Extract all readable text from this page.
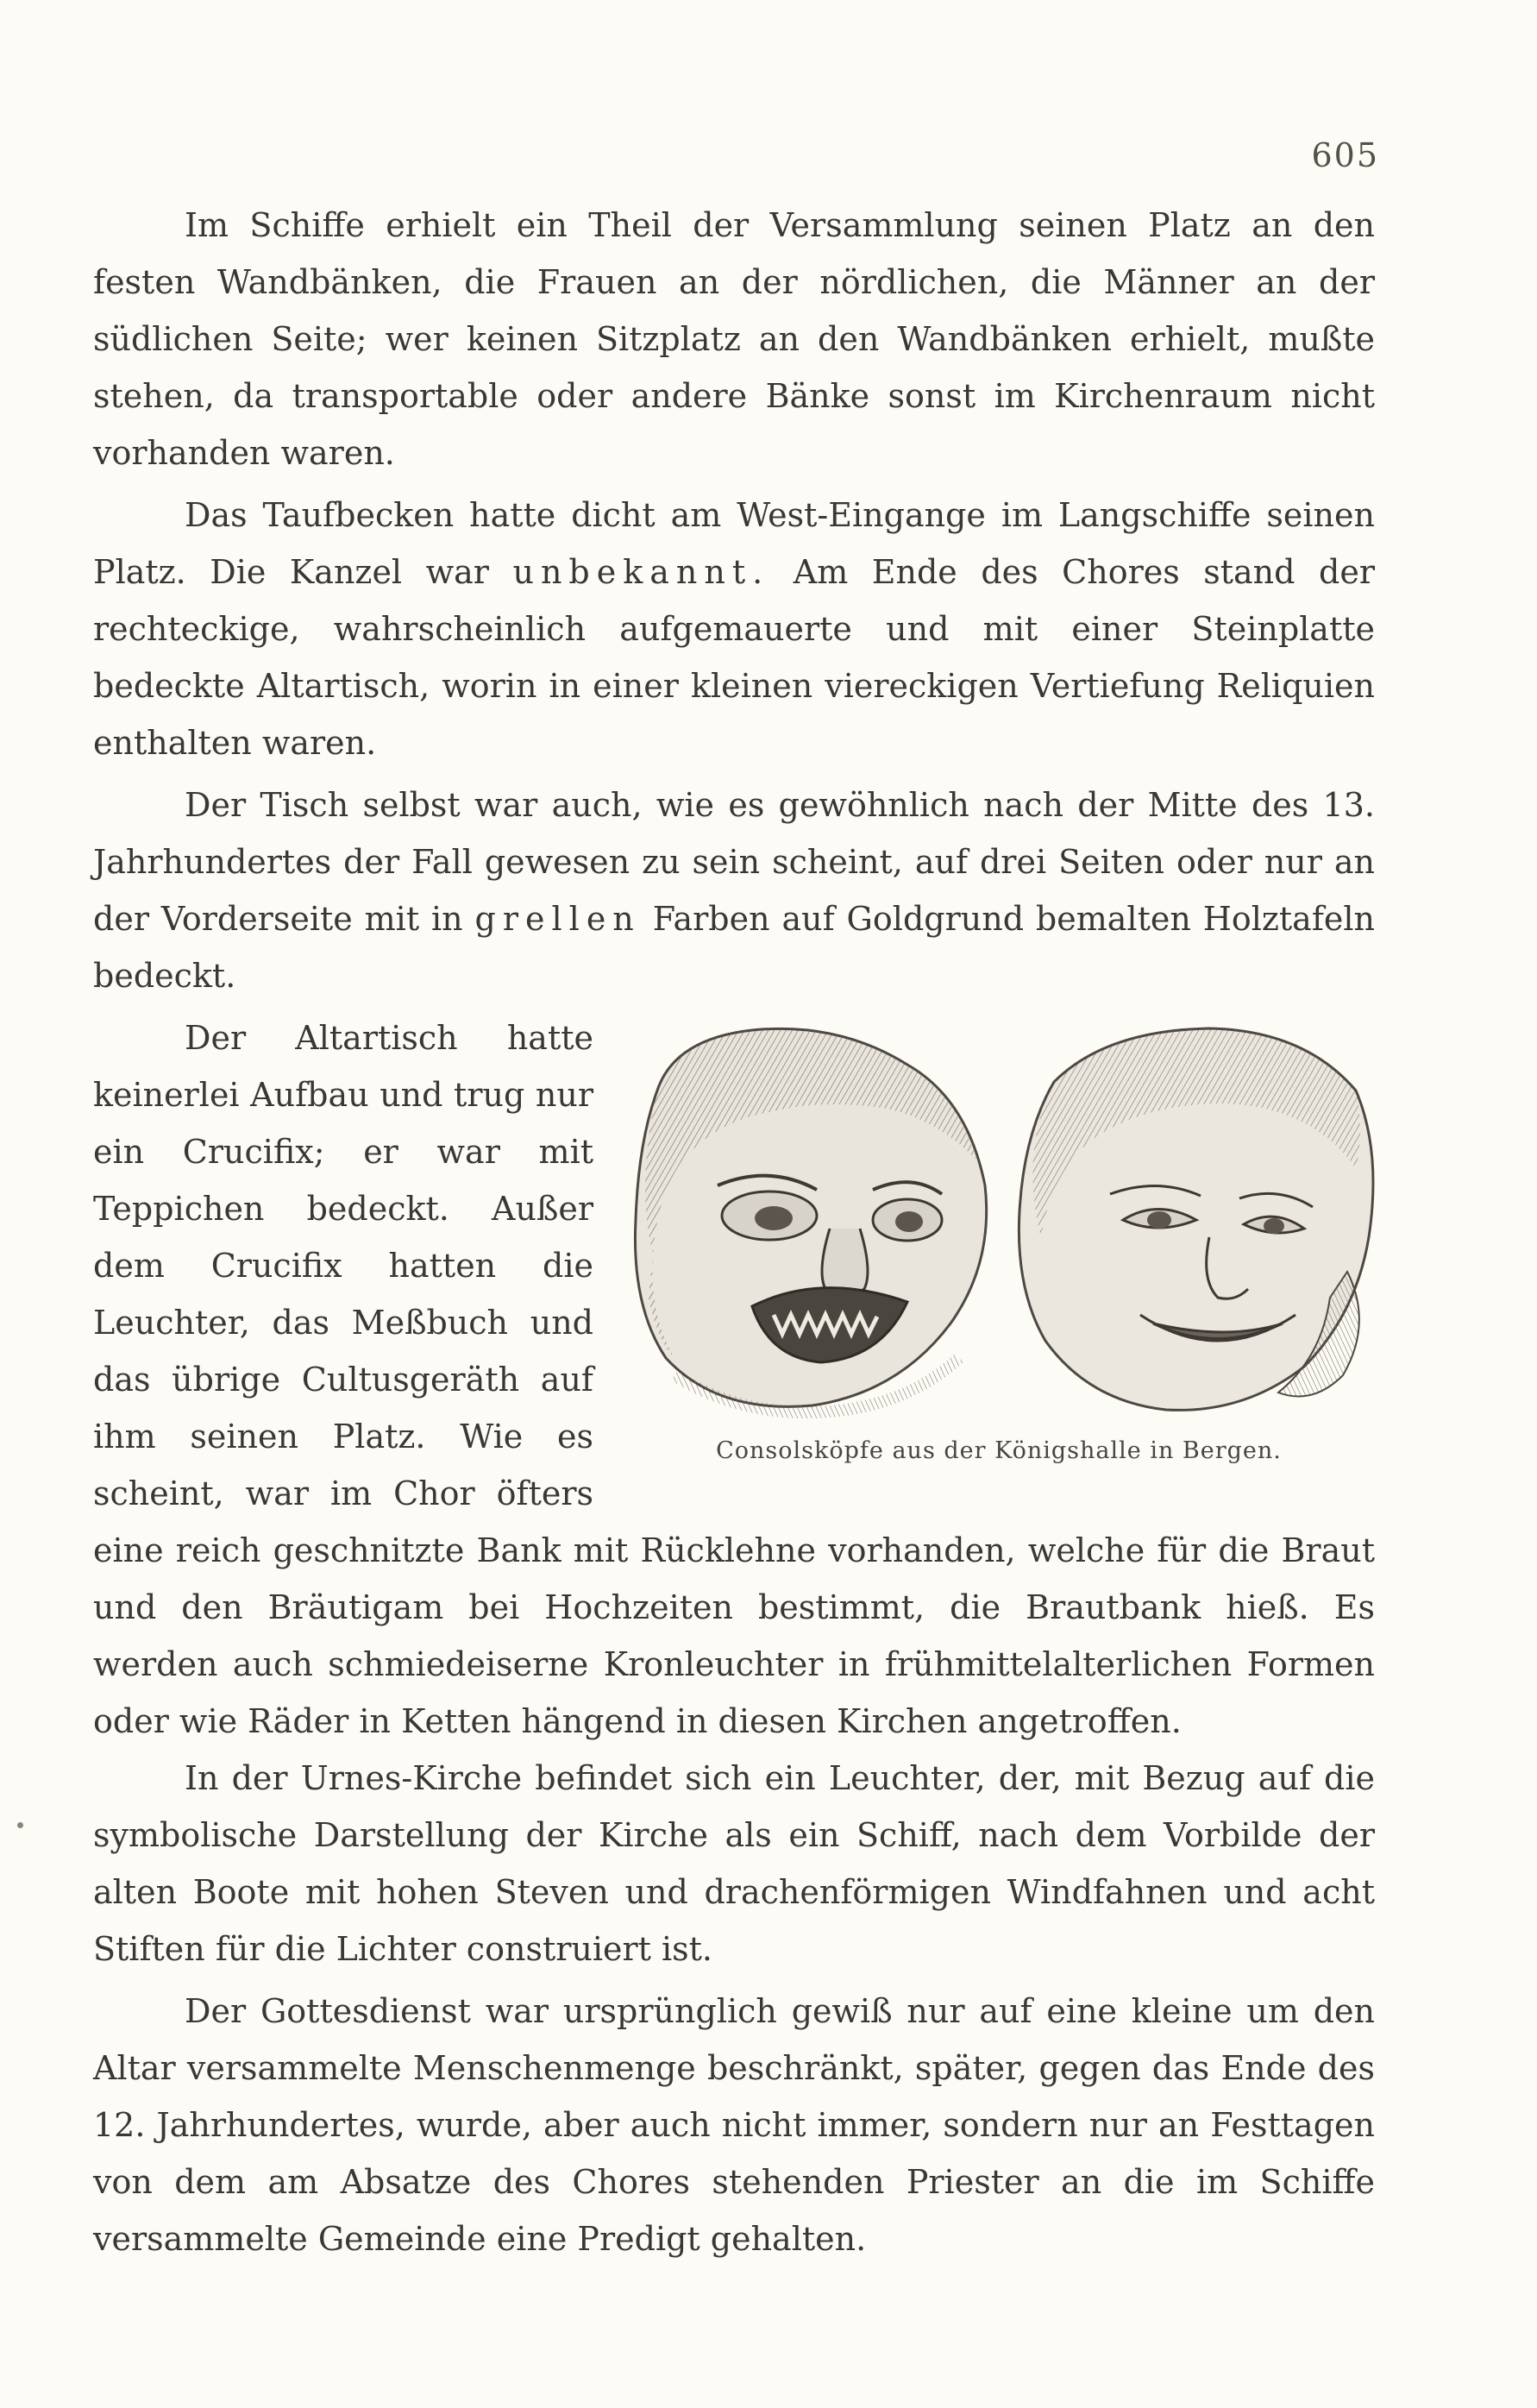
605

Im Schiffe erhielt ein Theil der Versammlung seinen Platz an den festen Wandbänken, die Frauen an der nördlichen, die Männer an der südlichen Seite; wer keinen Sitzplatz an den Wandbänken erhielt, mußte stehen, da transportable oder andere Bänke sonst im Kirchenraum nicht vorhanden waren.

Das Taufbecken hatte dicht am West-Eingange im Langschiffe seinen Platz. Die Kanzel war unbekannt. Am Ende des Chores stand der rechteckige, wahrscheinlich aufgemauerte und mit einer Steinplatte bedeckte Altartisch, worin in einer kleinen viereckigen Vertiefung Reliquien enthalten waren.

Der Tisch selbst war auch, wie es gewöhnlich nach der Mitte des 13. Jahrhundertes der Fall gewesen zu sein scheint, auf drei Seiten oder nur an der Vorderseite mit in grellen Farben auf Goldgrund bemalten Holztafeln bedeckt.

Consolsköpfe aus der Königshalle in Bergen.
Der Altartisch hatte keinerlei Aufbau und trug nur ein Crucifix; er war mit Teppichen bedeckt. Außer dem Crucifix hatten die Leuchter, das Meßbuch und das übrige Cultusgeräth auf ihm seinen Platz. Wie es scheint, war im Chor öfters eine reich geschnitzte Bank mit Rücklehne vorhanden, welche für die Braut und den Bräutigam bei Hochzeiten bestimmt, die Brautbank hieß. Es werden auch schmiedeiserne Kronleuchter in frühmittelalterlichen Formen oder wie Räder in Ketten hängend in diesen Kirchen angetroffen.

In der Urnes-Kirche befindet sich ein Leuchter, der, mit Bezug auf die symbolische Darstellung der Kirche als ein Schiff, nach dem Vorbilde der alten Boote mit hohen Steven und drachenförmigen Windfahnen und acht Stiften für die Lichter construiert ist.

Der Gottesdienst war ursprünglich gewiß nur auf eine kleine um den Altar versammelte Menschenmenge beschränkt, später, gegen das Ende des 12. Jahrhundertes, wurde, aber auch nicht immer, sondern nur an Festtagen von dem am Absatze des Chores stehenden Priester an die im Schiffe versammelte Gemeinde eine Predigt gehalten.
